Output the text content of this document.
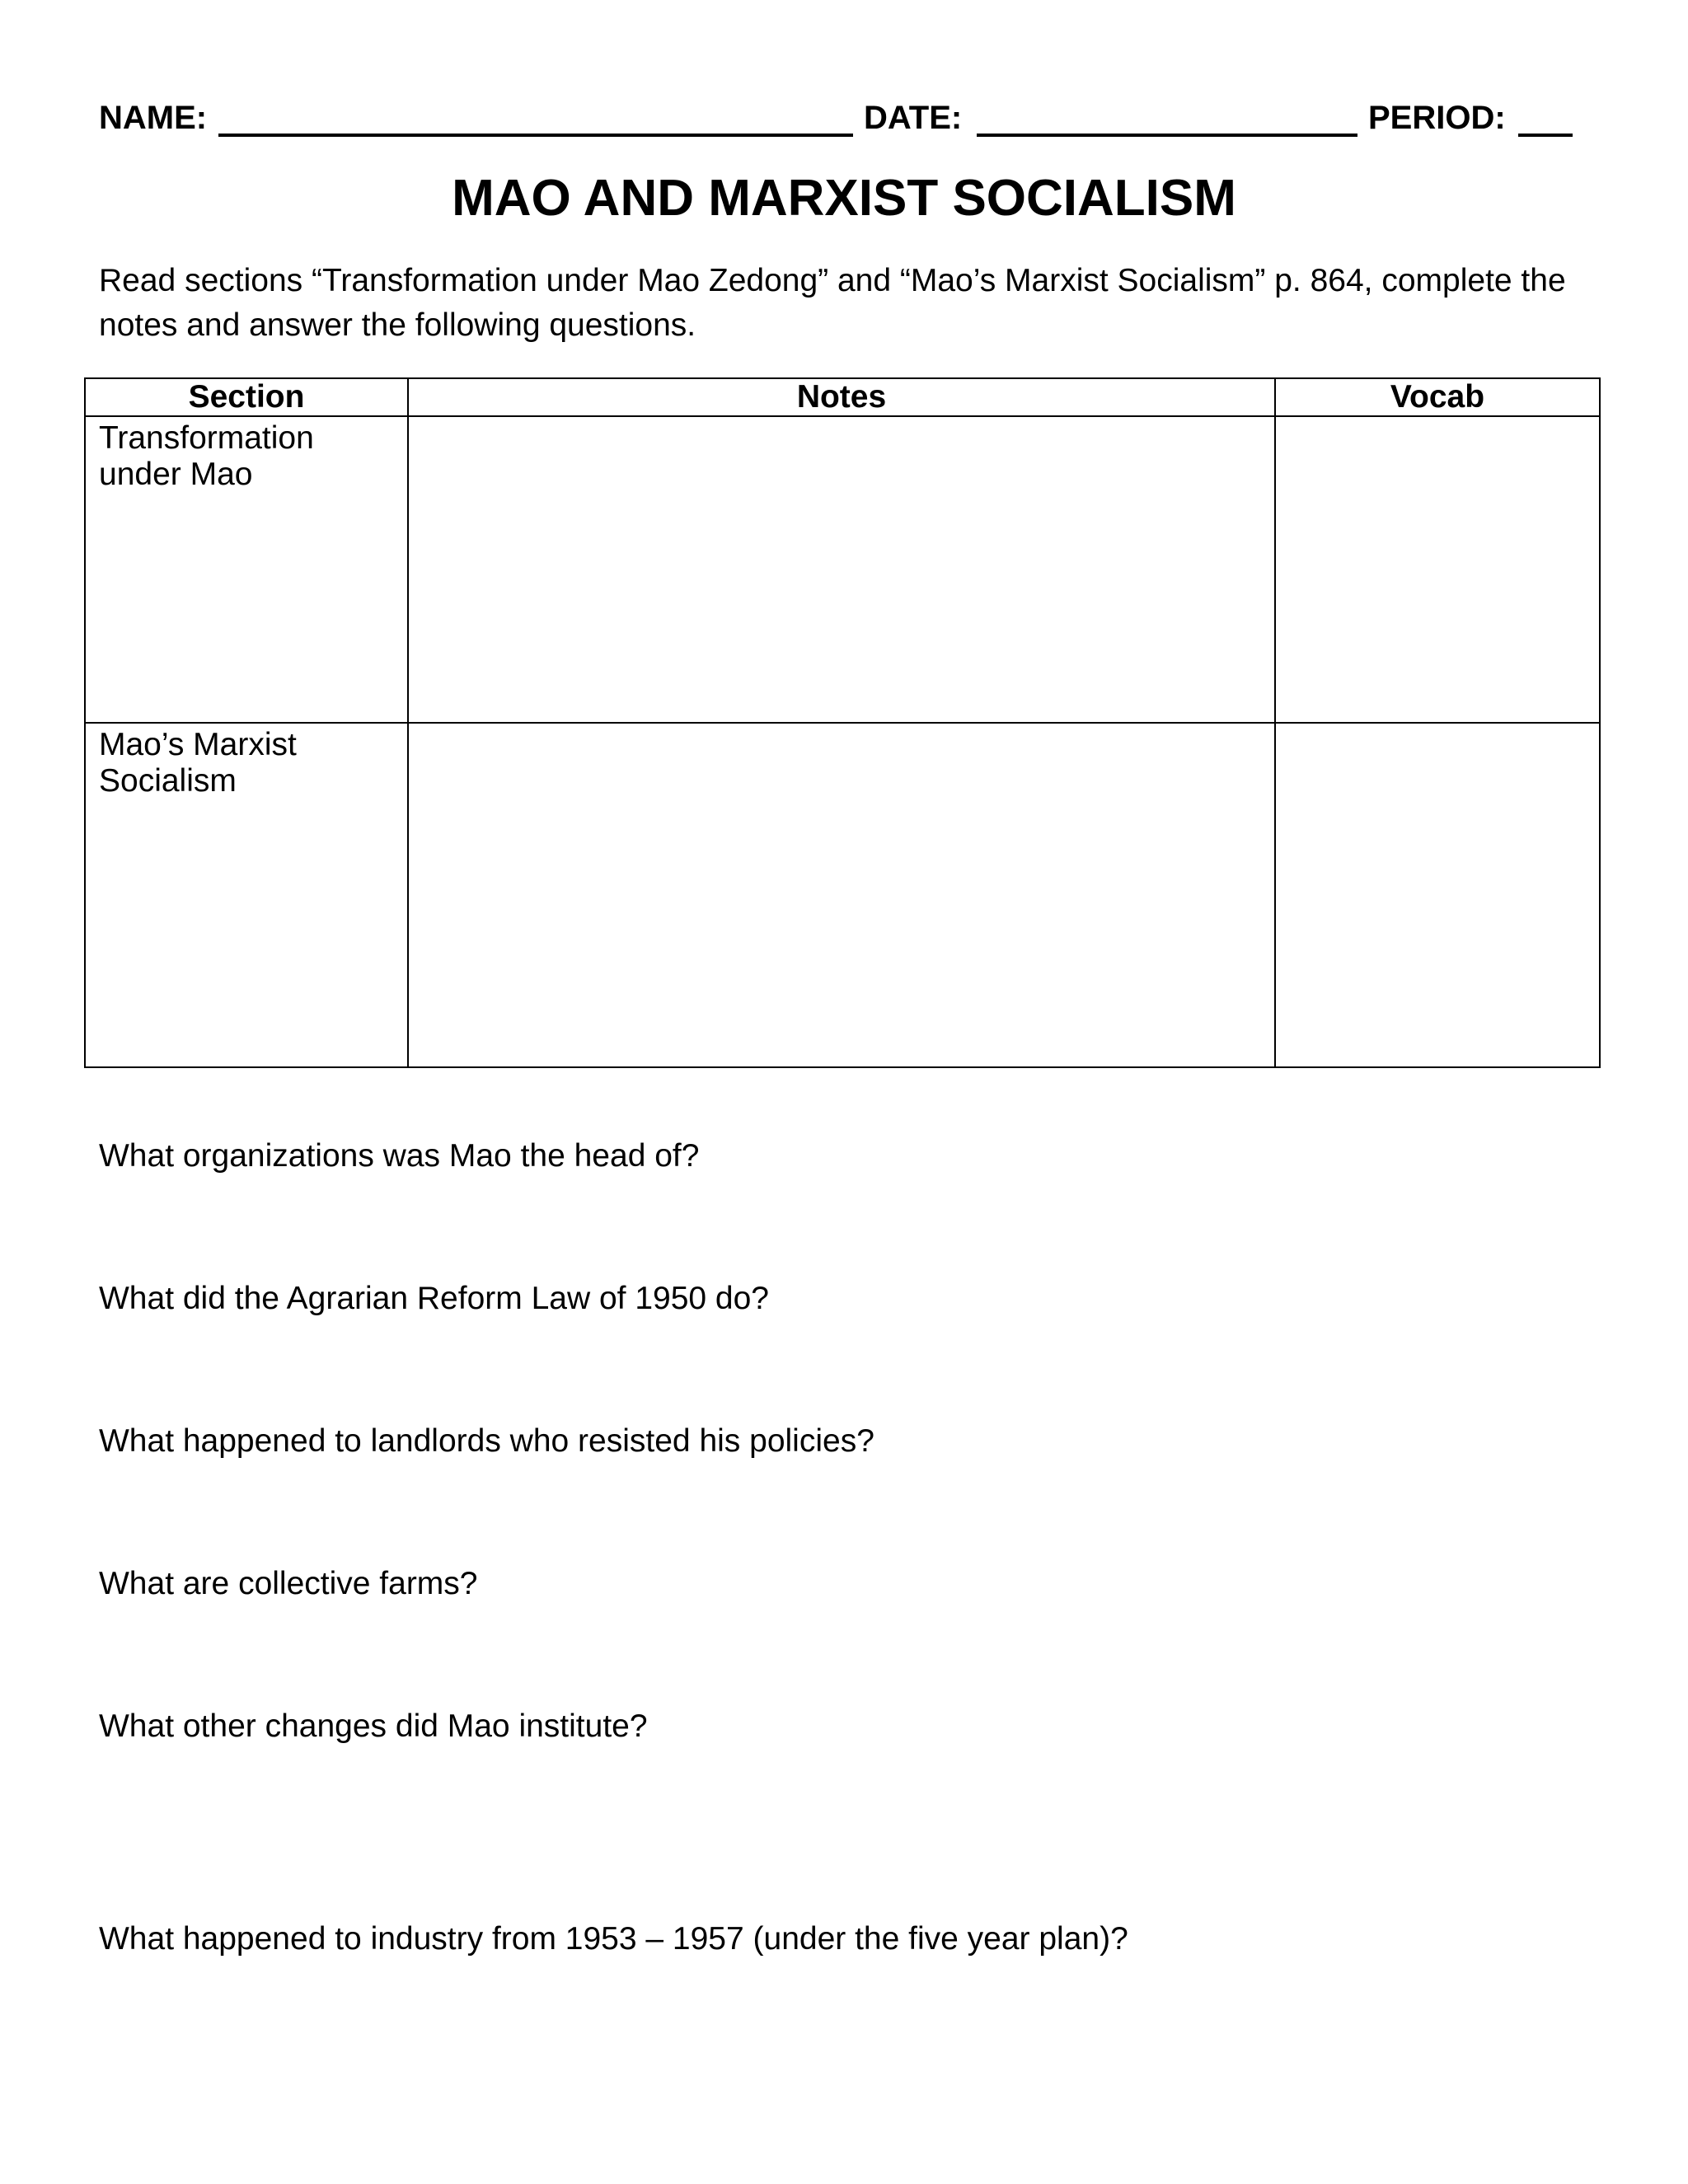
NAME:	DATE:	PERIOD:
MAO AND MARXIST SOCIALISM

Read sections “Transformation under Mao Zedong” and “Mao’s Marxist Socialism” p. 864, complete the notes and answer the following questions.

Section	Notes	Vocab
Transformation under Mao		
Mao’s Marxist Socialism		

What organizations was Mao the head of?

What did the Agrarian Reform Law of 1950 do?

What happened to landlords who resisted his policies?

What are collective farms?

What other changes did Mao institute?

What happened to industry from 1953 – 1957 (under the five year plan)?
